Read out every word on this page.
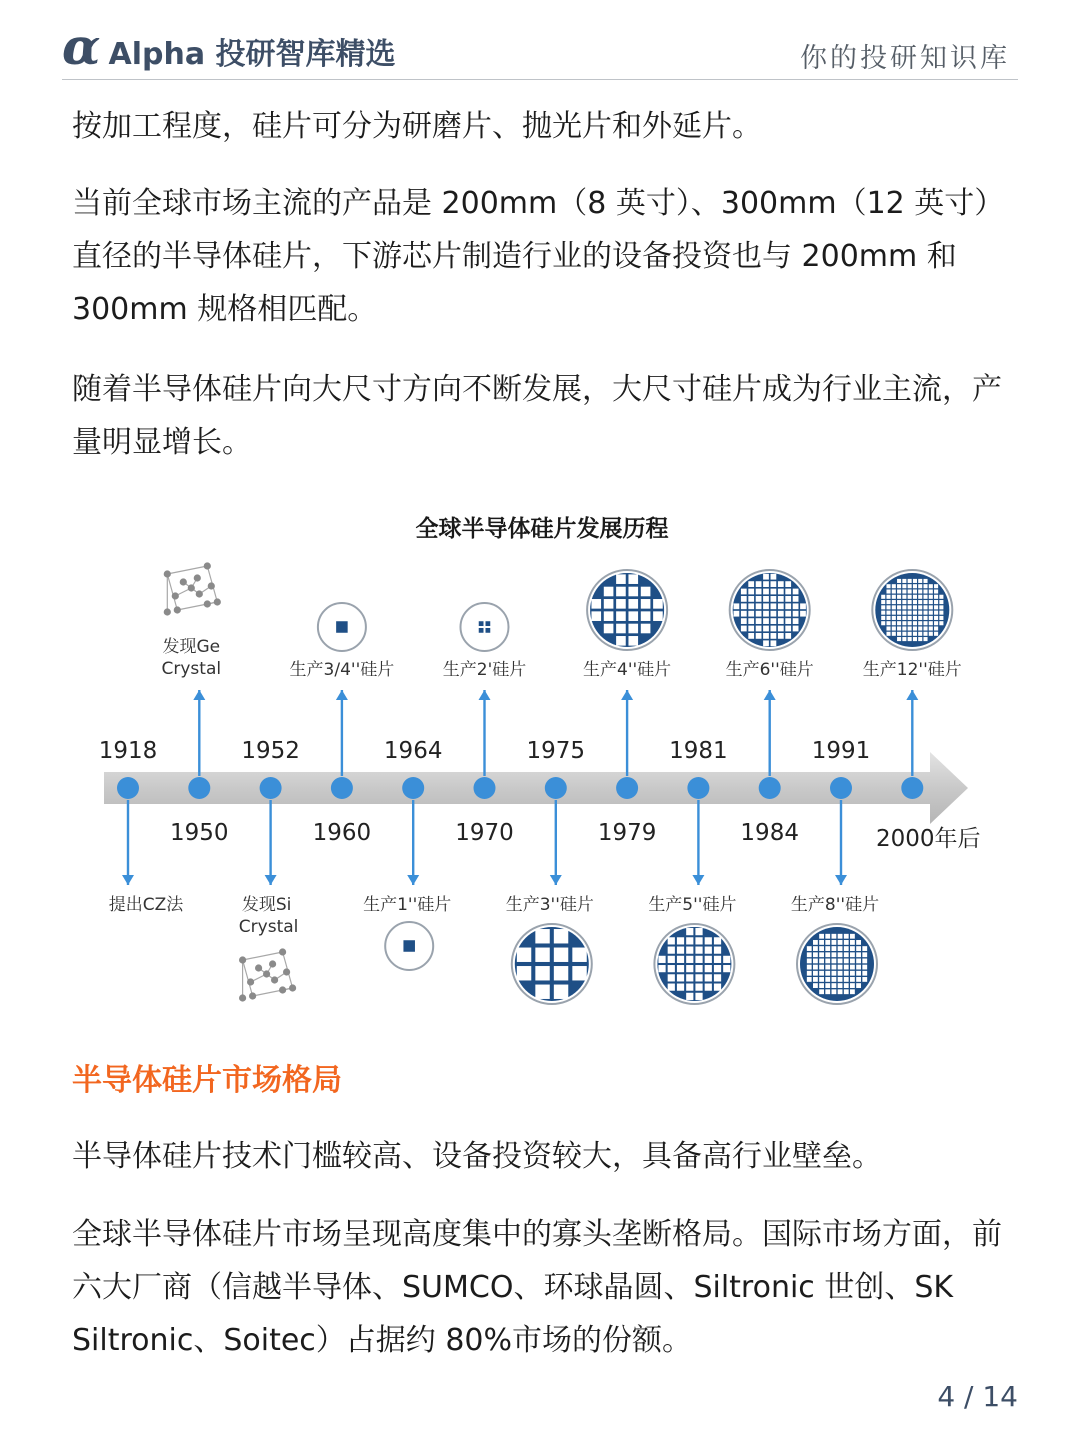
α Alpha 投研智库精选	你的投研知识库
按加工程度，硅片可分为研磨片、抛光片和外延片。
当前全球市场主流的产品是 200mm（8 英寸）、300mm（12 英寸）直径的半导体硅片，下游芯片制造行业的设备投资也与 200mm 和 300mm 规格相匹配。
随着半导体硅片向大尺寸方向不断发展，大尺寸硅片成为行业主流，产量明显增长。
全球半导体硅片发展历程
1918	1952	1964	1975	1981	1991
1950	1960	1970	1979	1984	2000年后
发现Ge
Crystal	生产3/4''硅片	生产2'硅片	生产4''硅片	生产6''硅片	生产12''硅片
提出CZ法	发现Si
Crystal
生产1''硅片	生产3''硅片	生产5''硅片	生产8''硅片
半导体硅片市场格局
半导体硅片技术门槛较高、设备投资较大，具备高行业壁垒。
全球半导体硅片市场呈现高度集中的寡头垄断格局。国际市场方面，前六大厂商（信越半导体、SUMCO、环球晶圆、Siltronic 世创、SK Siltronic、Soitec）占据约 80%市场的份额。
4 / 14
